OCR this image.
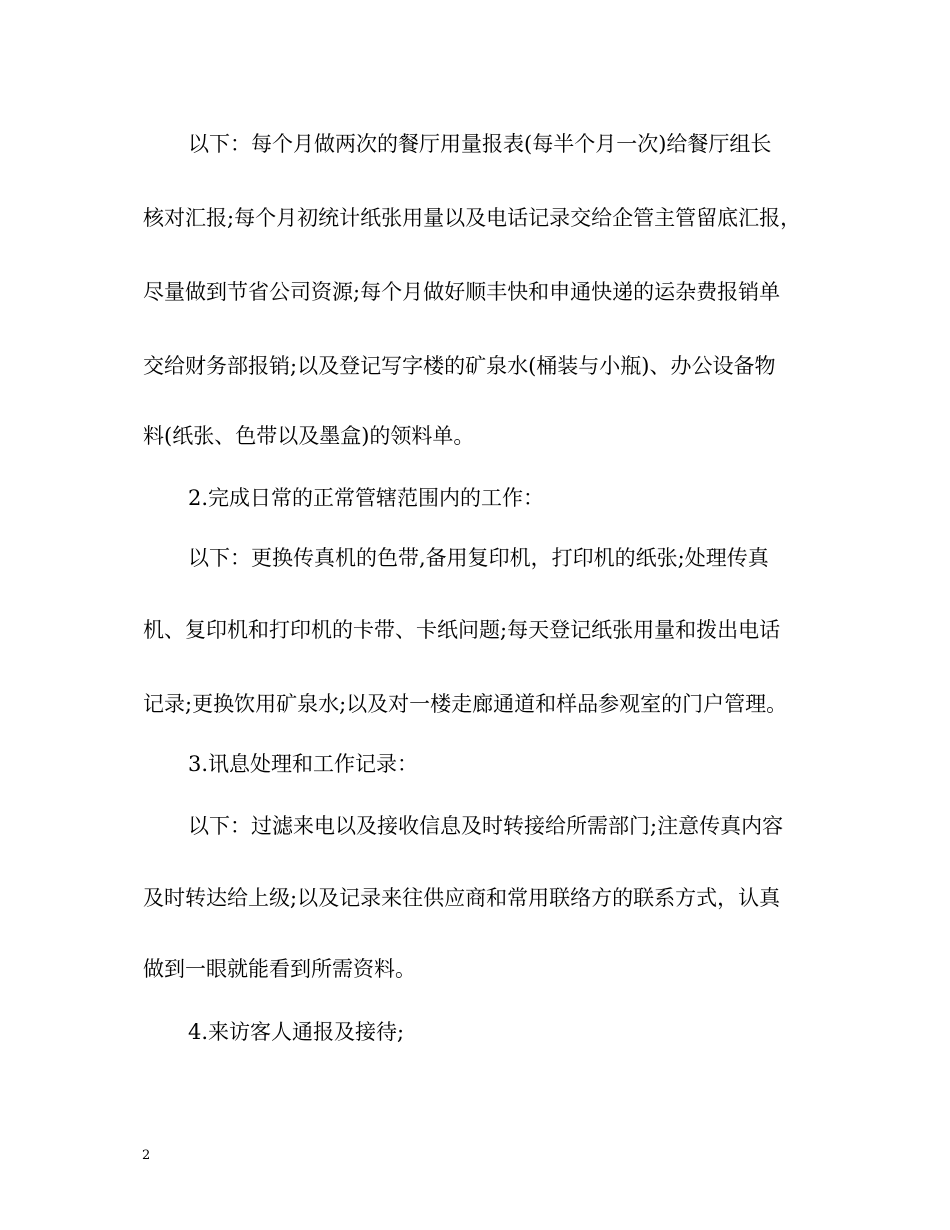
以下：每个月做两次的餐厅用量报表(每半个月一次)给餐厅组长
核对汇报;每个月初统计纸张用量以及电话记录交给企管主管留底汇报，
尽量做到节省公司资源;每个月做好顺丰快和申通快递的运杂费报销单
交给财务部报销;以及登记写字楼的矿泉水(桶装与小瓶)、办公设备物
料(纸张、色带以及墨盒)的领料单。
2.完成日常的正常管辖范围内的工作：
以下：更换传真机的色带,备用复印机，打印机的纸张;处理传真
机、复印机和打印机的卡带、卡纸问题;每天登记纸张用量和拨出电话
记录;更换饮用矿泉水;以及对一楼走廊通道和样品参观室的门户管理。
3.讯息处理和工作记录：
以下：过滤来电以及接收信息及时转接给所需部门;注意传真内容
及时转达给上级;以及记录来往供应商和常用联络方的联系方式，认真
做到一眼就能看到所需资料。
4.来访客人通报及接待;
2
